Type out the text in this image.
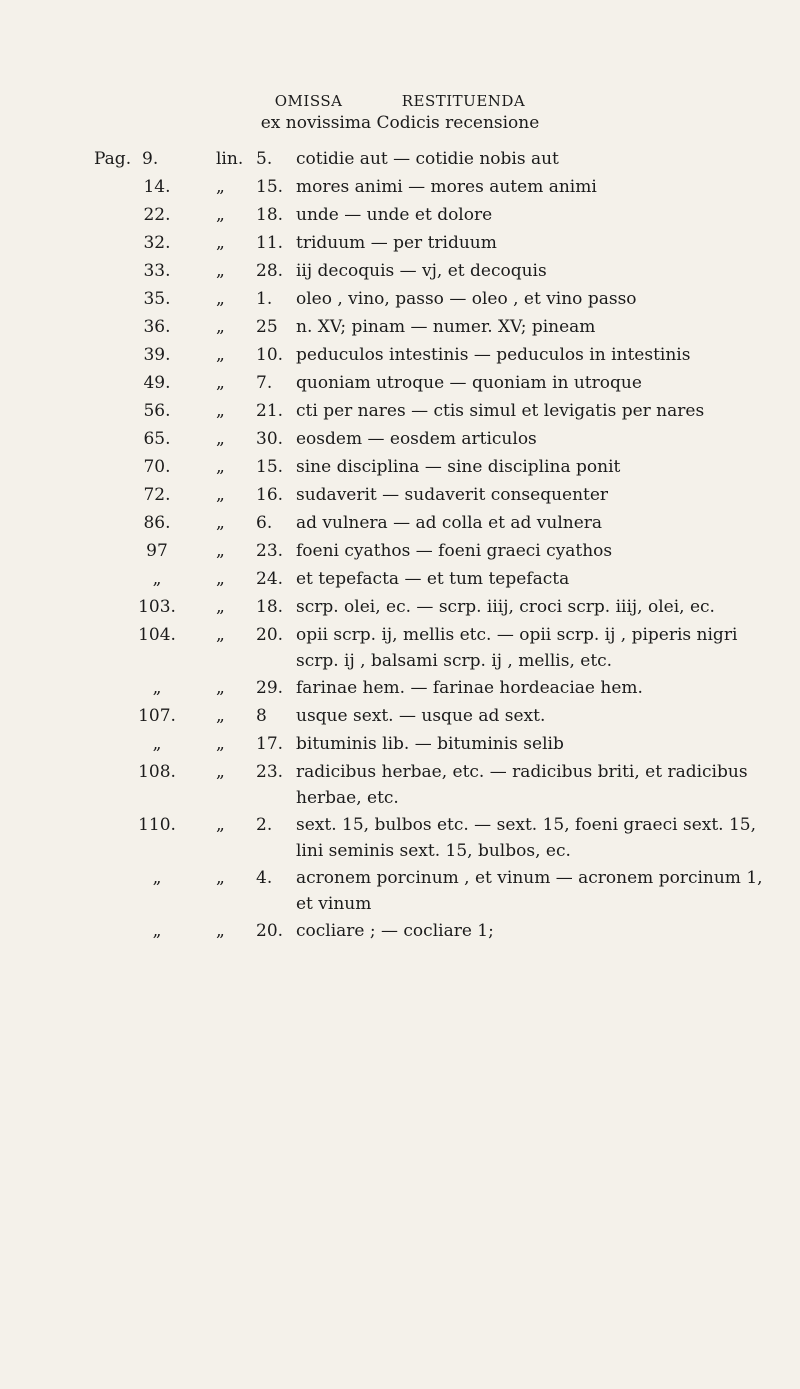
OMISSA	RESTITUENDA
ex novissima Codicis recensione
Pag. 9.	lin. 5.	cotidie aut — cotidie nobis aut
14.	„	15. mores animi — mores autem animi
22.	„	18. unde — unde et dolore
32.	„	11. triduum — per triduum
33.	„	28. iij decoquis — vj, et decoquis
35.	„	1.	oleo , vino, passo — oleo , et vino passo
36.	„	25	n. XV; pinam — numer. XV; pineam
39.	„	10. peduculos intestinis — peduculos in intestinis
49.	„	7.	quoniam utroque — quoniam in utroque
56.	„	21. cti per nares — ctis simul et levigatis per nares
65.	„	30. eosdem — eosdem articulos
70.	„	15. sine disciplina — sine disciplina ponit
72.	„	16. sudaverit — sudaverit consequenter
86.	„	6.	ad vulnera — ad colla et ad vulnera
97	„	23. foeni cyathos — foeni graeci cyathos
„	„	24. et tepefacta — et tum tepefacta
103.	„	18. scrp. olei, ec. — scrp. iiij, croci scrp. iiij, olei, ec.
104.	„	20. opii scrp. ij, mellis etc. — opii scrp. ij , piperis nigri scrp. ij , balsami scrp. ij , mellis, etc.
„	„	29. farinae hem. — farinae hordeaciae hem.
107.	„	8	usque sext. — usque ad sext.
„	„	17. bituminis lib. — bituminis selib
108.	„	23. radicibus herbae, etc. — radicibus briti, et radicibus herbae, etc.
110.	„	2.	sext. 15, bulbos etc. — sext. 15, foeni graeci sext. 15, lini seminis sext. 15, bulbos, ec.
„	„	4.	acronem porcinum , et vinum — acronem porcinum 1, et vinum
„	„	20. cocliare ; — cocliare 1;
